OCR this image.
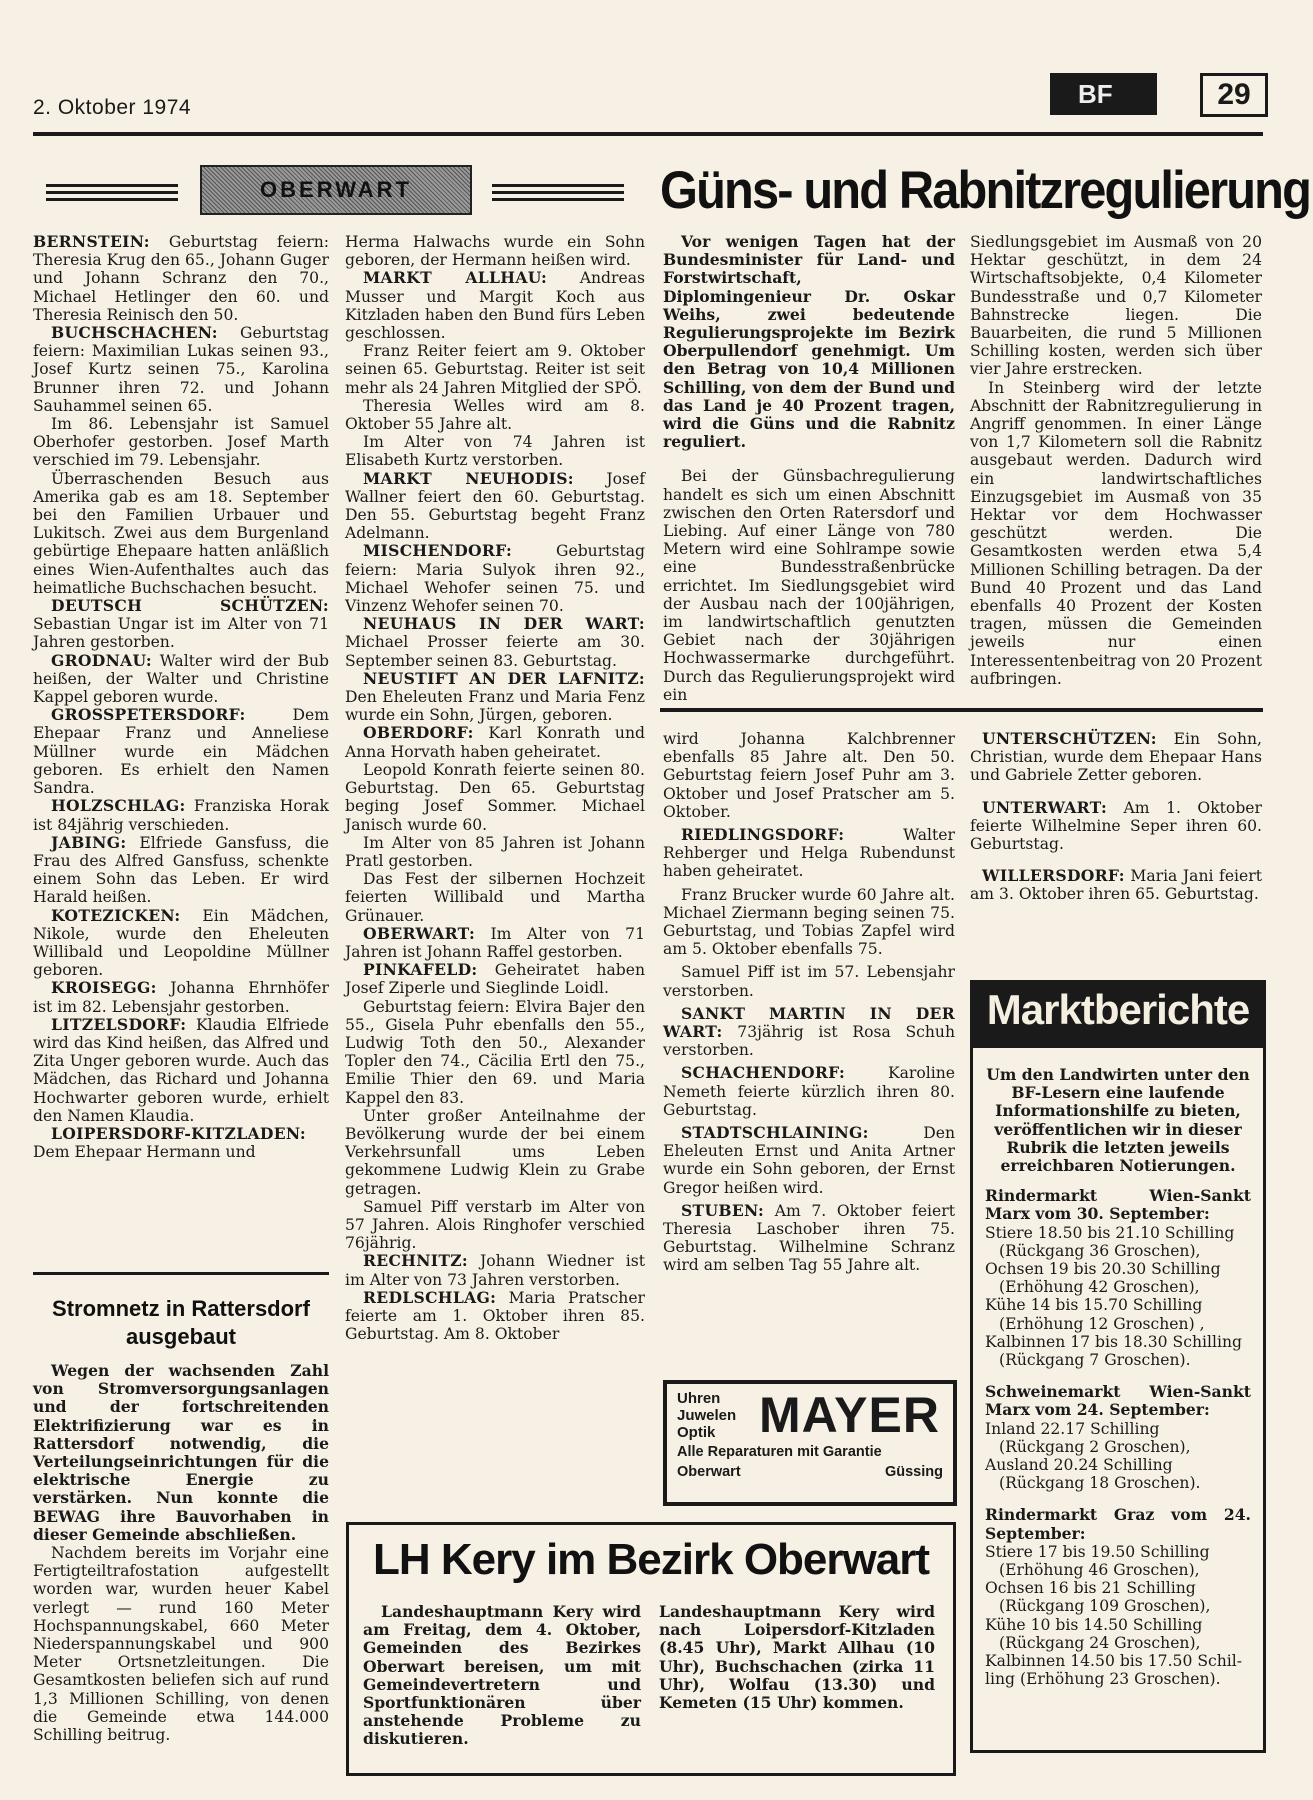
2. Oktober 1974	BF	29
OBERWART	Güns- und Rabnitzregulierung

BERNSTEIN: Geburtstag feiern: Theresia Krug den 65., Johann Guger und Johann Schranz den 70., Michael Hetlinger den 60. und Theresia Reinisch den 50.

BUCHSCHACHEN: Geburtstag feiern: Maximilian Lukas seinen 93., Josef Kurtz seinen 75., Karolina Brunner ihren 72. und Johann Sauhammel seinen 65.

Im 86. Lebensjahr ist Samuel Oberhofer gestorben. Josef Marth verschied im 79. Lebensjahr.

Überraschenden Besuch aus Amerika gab es am 18. September bei den Familien Urbauer und Lukitsch. Zwei aus dem Burgenland gebürtige Ehepaare hatten anläßlich eines Wien-Aufenthaltes auch das heimatliche Buchschachen besucht.

DEUTSCH SCHÜTZEN: Sebastian Ungar ist im Alter von 71 Jahren gestorben.

GRODNAU: Walter wird der Bub heißen, der Walter und Christine Kappel geboren wurde.

GROSSPETERSDORF: Dem Ehepaar Franz und Anneliese Müllner wurde ein Mädchen geboren. Es erhielt den Namen Sandra.

HOLZSCHLAG: Franziska Horak ist 84jährig verschieden.

JABING: Elfriede Gansfuss, die Frau des Alfred Gansfuss, schenkte einem Sohn das Leben. Er wird Harald heißen.

KOTEZICKEN: Ein Mädchen, Nikole, wurde den Eheleuten Willibald und Leopoldine Müllner geboren.

KROISEGG: Johanna Ehrnhöfer ist im 82. Lebensjahr gestorben.

LITZELSDORF: Klaudia Elfriede wird das Kind heißen, das Alfred und Zita Unger geboren wurde. Auch das Mädchen, das Richard und Johanna Hochwarter geboren wurde, erhielt den Namen Klaudia.

LOIPERSDORF-KITZLADEN: Dem Ehepaar Hermann und

Stromnetz in Rattersdorf
ausgebaut

Wegen der wachsenden Zahl von Stromversorgungsanlagen und der fortschreitenden Elektrifizierung war es in Rattersdorf notwendig, die Verteilungseinrichtungen für die elektrische Energie zu verstärken. Nun konnte die BEWAG ihre Bauvorhaben in dieser Gemeinde abschließen.

Nachdem bereits im Vorjahr eine Fertigteiltrafostation aufgestellt worden war, wurden heuer Kabel verlegt — rund 160 Meter Hochspannungskabel, 660 Meter Niederspannungskabel und 900 Meter Ortsnetzleitungen. Die Gesamtkosten beliefen sich auf rund 1,3 Millionen Schilling, von denen die Gemeinde etwa 144.000 Schilling beitrug.

Herma Halwachs wurde ein Sohn geboren, der Hermann heißen wird.

MARKT ALLHAU: Andreas Musser und Margit Koch aus Kitzladen haben den Bund fürs Leben geschlossen.

Franz Reiter feiert am 9. Oktober seinen 65. Geburtstag. Reiter ist seit mehr als 24 Jahren Mitglied der SPÖ.

Theresia Welles wird am 8. Oktober 55 Jahre alt.

Im Alter von 74 Jahren ist Elisabeth Kurtz verstorben.

MARKT NEUHODIS: Josef Wallner feiert den 60. Geburtstag. Den 55. Geburtstag begeht Franz Adelmann.

MISCHENDORF: Geburtstag feiern: Maria Sulyok ihren 92., Michael Wehofer seinen 75. und Vinzenz Wehofer seinen 70.

NEUHAUS IN DER WART: Michael Prosser feierte am 30. September seinen 83. Geburtstag.

NEUSTIFT AN DER LAFNITZ: Den Eheleuten Franz und Maria Fenz wurde ein Sohn, Jürgen, geboren.

OBERDORF: Karl Konrath und Anna Horvath haben geheiratet.

Leopold Konrath feierte seinen 80. Geburtstag. Den 65. Geburtstag beging Josef Sommer. Michael Janisch wurde 60.

Im Alter von 85 Jahren ist Johann Pratl gestorben.

Das Fest der silbernen Hochzeit feierten Willibald und Martha Grünauer.

OBERWART: Im Alter von 71 Jahren ist Johann Raffel gestorben.

PINKAFELD: Geheiratet haben Josef Ziperle und Sieglinde Loidl.

Geburtstag feiern: Elvira Bajer den 55., Gisela Puhr ebenfalls den 55., Ludwig Toth den 50., Alexander Topler den 74., Cäcilia Ertl den 75., Emilie Thier den 69. und Maria Kappel den 83.

Unter großer Anteilnahme der Bevölkerung wurde der bei einem Verkehrsunfall ums Leben gekommene Ludwig Klein zu Grabe getragen.

Samuel Piff verstarb im Alter von 57 Jahren. Alois Ringhofer verschied 76jährig.

RECHNITZ: Johann Wiedner ist im Alter von 73 Jahren verstorben.

REDLSCHLAG: Maria Pratscher feierte am 1. Oktober ihren 85. Geburtstag. Am 8. Oktober

Vor wenigen Tagen hat der Bundesminister für Land- und Forstwirtschaft, Diplomingenieur Dr. Oskar Weihs, zwei bedeutende Regulierungsprojekte im Bezirk Oberpullendorf genehmigt. Um den Betrag von 10,4 Millionen Schilling, von dem der Bund und das Land je 40 Prozent tragen, wird die Güns und die Rabnitz reguliert.

Bei der Günsbachregulierung handelt es sich um einen Abschnitt zwischen den Orten Ratersdorf und Liebing. Auf einer Länge von 780 Metern wird eine Sohlrampe sowie eine Bundesstraßenbrücke errichtet. Im Siedlungsgebiet wird der Ausbau nach der 100jährigen, im landwirtschaftlich genutzten Gebiet nach der 30jährigen Hochwassermarke durchgeführt. Durch das Regulierungsprojekt wird ein

Siedlungsgebiet im Ausmaß von 20 Hektar geschützt, in dem 24 Wirtschaftsobjekte, 0,4 Kilometer Bundesstraße und 0,7 Kilometer Bahnstrecke liegen. Die Bauarbeiten, die rund 5 Millionen Schilling kosten, werden sich über vier Jahre erstrecken.

In Steinberg wird der letzte Abschnitt der Rabnitzregulierung in Angriff genommen. In einer Länge von 1,7 Kilometern soll die Rabnitz ausgebaut werden. Dadurch wird ein landwirtschaftliches Einzugsgebiet im Ausmaß von 35 Hektar vor dem Hochwasser geschützt werden. Die Gesamtkosten werden etwa 5,4 Millionen Schilling betragen. Da der Bund 40 Prozent und das Land ebenfalls 40 Prozent der Kosten tragen, müssen die Gemeinden jeweils nur einen Interessentenbeitrag von 20 Prozent aufbringen.

wird Johanna Kalchbrenner ebenfalls 85 Jahre alt. Den 50. Geburtstag feiern Josef Puhr am 3. Oktober und Josef Pratscher am 5. Oktober.

RIEDLINGSDORF: Walter Rehberger und Helga Rubendunst haben geheiratet.

Franz Brucker wurde 60 Jahre alt. Michael Ziermann beging seinen 75. Geburtstag, und Tobias Zapfel wird am 5. Oktober ebenfalls 75.

Samuel Piff ist im 57. Lebensjahr verstorben.

SANKT MARTIN IN DER WART: 73jährig ist Rosa Schuh verstorben.

SCHACHENDORF: Karoline Nemeth feierte kürzlich ihren 80. Geburtstag.

STADTSCHLAINING: Den Eheleuten Ernst und Anita Artner wurde ein Sohn geboren, der Ernst Gregor heißen wird.

STUBEN: Am 7. Oktober feiert Theresia Laschober ihren 75. Geburtstag. Wilhelmine Schranz wird am selben Tag 55 Jahre alt.

UNTERSCHÜTZEN: Ein Sohn, Christian, wurde dem Ehepaar Hans und Gabriele Zetter geboren.

UNTERWART: Am 1. Oktober feierte Wilhelmine Seper ihren 60. Geburtstag.

WILLERSDORF: Maria Jani feiert am 3. Oktober ihren 65. Geburtstag.

Uhren
Juwelen
Optik MAYER
Alle Reparaturen mit Garantie
Oberwart	Güssing
LH Kery im Bezirk Oberwart

Landeshauptmann Kery wird am Freitag, dem 4. Oktober, Gemeinden des Bezirkes Oberwart bereisen, um mit Gemeindevertretern und Sportfunktionären über anstehende Probleme zu diskutieren.

Landeshauptmann Kery wird nach Loipersdorf-Kitzladen (8.45 Uhr), Markt Allhau (10 Uhr), Buchschachen (zirka 11 Uhr), Wolfau (13.30) und Kemeten (15 Uhr) kommen.

Marktberichte

Um den Landwirten unter den BF-Lesern eine laufende Informationshilfe zu bieten, veröffentlichen wir in dieser Rubrik die letzten jeweils erreichbaren Notierungen.

Rindermarkt Wien-Sankt Marx vom 30. September:

Stiere 18.50 bis 21.10 Schilling
(Rückgang 36 Groschen),
Ochsen 19 bis 20.30 Schilling
(Erhöhung 42 Groschen),
Kühe 14 bis 15.70 Schilling
(Erhöhung 12 Groschen) ,
Kalbinnen 17 bis 18.30 Schilling
(Rückgang 7 Groschen).

Schweinemarkt Wien-Sankt Marx vom 24. September:

Inland 22.17 Schilling
(Rückgang 2 Groschen),
Ausland 20.24 Schilling
(Rückgang 18 Groschen).

Rindermarkt Graz vom 24. September:

Stiere 17 bis 19.50 Schilling
(Erhöhung 46 Groschen),
Ochsen 16 bis 21 Schilling
(Rückgang 109 Groschen),
Kühe 10 bis 14.50 Schilling
(Rückgang 24 Groschen),
Kalbinnen 14.50 bis 17.50 Schil-
ling (Erhöhung 23 Groschen).
